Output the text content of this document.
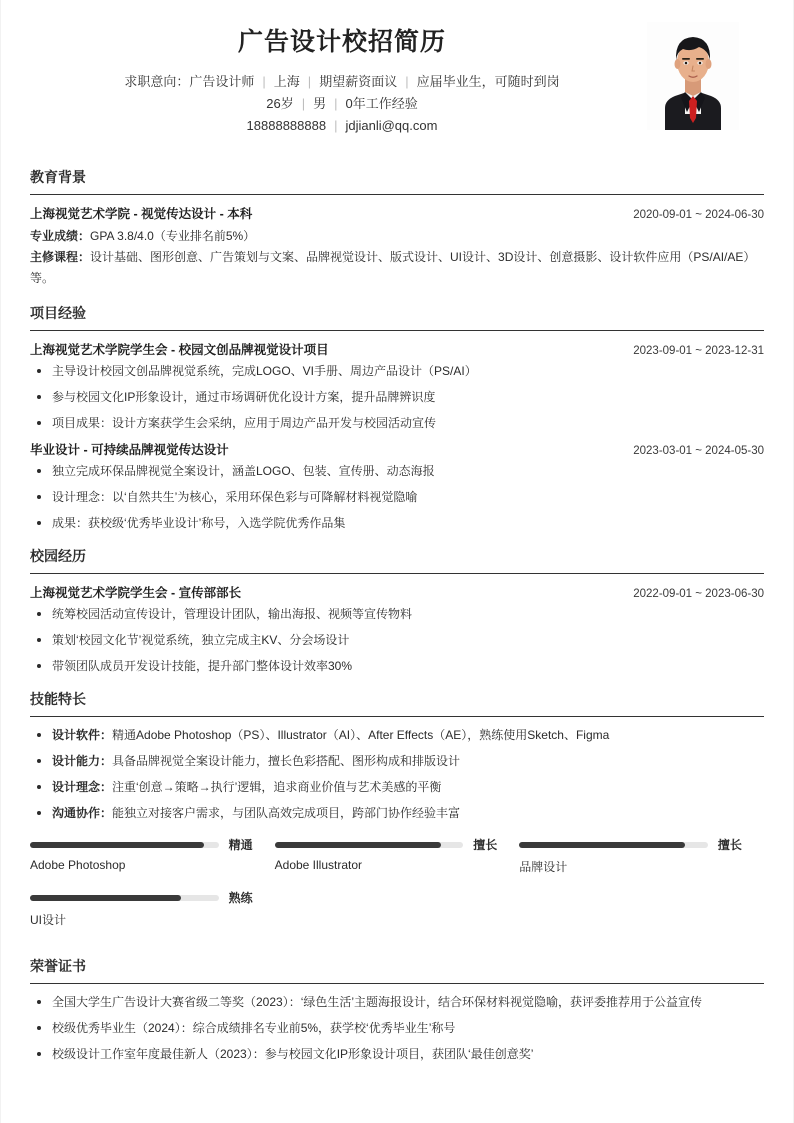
广告设计校招简历
求职意向：广告设计师 | 上海 | 期望薪资面议 | 应届毕业生，可随时到岗
26岁 | 男 | 0年工作经验
18888888888 | jdjianli@qq.com
教育背景
上海视觉艺术学院 - 视觉传达设计 - 本科	2020-09-01 ~ 2024-06-30
专业成绩：GPA 3.8/4.0（专业排名前5%）
主修课程：设计基础、图形创意、广告策划与文案、品牌视觉设计、版式设计、UI设计、3D设计、创意摄影、设计软件应用（PS/AI/AE）等。
项目经验
上海视觉艺术学院学生会 - 校园文创品牌视觉设计项目	2023-09-01 ~ 2023-12-31
主导设计校园文创品牌视觉系统，完成LOGO、VI手册、周边产品设计（PS/AI）
参与校园文化IP形象设计，通过市场调研优化设计方案，提升品牌辨识度
项目成果：设计方案获学生会采纳，应用于周边产品开发与校园活动宣传
毕业设计 - 可持续品牌视觉传达设计	2023-03-01 ~ 2024-05-30
独立完成环保品牌视觉全案设计，涵盖LOGO、包装、宣传册、动态海报
设计理念：以‘自然共生’为核心，采用环保色彩与可降解材料视觉隐喻
成果：获校级‘优秀毕业设计’称号，入选学院优秀作品集
校园经历
上海视觉艺术学院学生会 - 宣传部部长	2022-09-01 ~ 2023-06-30
统筹校园活动宣传设计，管理设计团队，输出海报、视频等宣传物料
策划‘校园文化节’视觉系统，独立完成主KV、分会场设计
带领团队成员开发设计技能，提升部门整体设计效率30%
技能特长
设计软件：精通Adobe Photoshop（PS）、Illustrator（AI）、After Effects（AE），熟练使用Sketch、Figma
设计能力：具备品牌视觉全案设计能力，擅长色彩搭配、图形构成和排版设计
设计理念：注重‘创意→策略→执行’逻辑，追求商业价值与艺术美感的平衡
沟通协作：能独立对接客户需求，与团队高效完成项目，跨部门协作经验丰富
精通
Adobe Photoshop
擅长
Adobe Illustrator
擅长
品牌设计
熟练
UI设计
荣誉证书
全国大学生广告设计大赛省级二等奖（2023）：‘绿色生活’主题海报设计，结合环保材料视觉隐喻，获评委推荐用于公益宣传
校级优秀毕业生（2024）：综合成绩排名专业前5%，获学校‘优秀毕业生’称号
校级设计工作室年度最佳新人（2023）：参与校园文化IP形象设计项目，获团队‘最佳创意奖’
